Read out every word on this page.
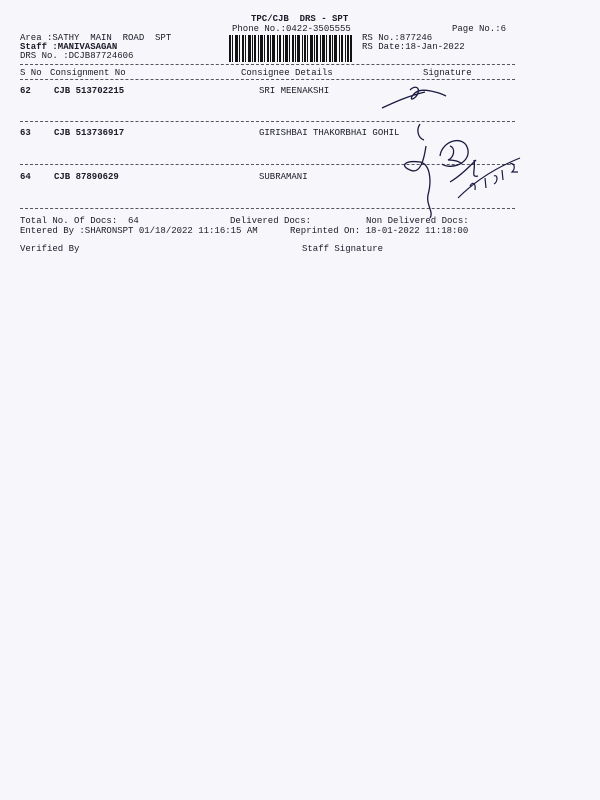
TPC/CJB  DRS - SPT
Phone No.:0422-3505555	Page No.:6
Area :SATHY  MAIN  ROAD  SPT
Staff :MANIVASAGAN
DRS No. :DCJB87724606
RS No.:877246
RS Date:18-Jan-2022
S No Consignment No	Consignee Details	Signature
62	CJB 513702215	SRI MEENAKSHI
63	CJB 513736917	GIRISHBAI THAKORBHAI GOHIL
64	CJB 87890629	SUBRAMANI
Total No. Of Docs:  64	Delivered Docs:	Non Delivered Docs:
Entered By :SHARONSPT 01/18/2022 11:16:15 AM	Reprinted On: 18-01-2022 11:18:00
Verified By	Staff Signature
